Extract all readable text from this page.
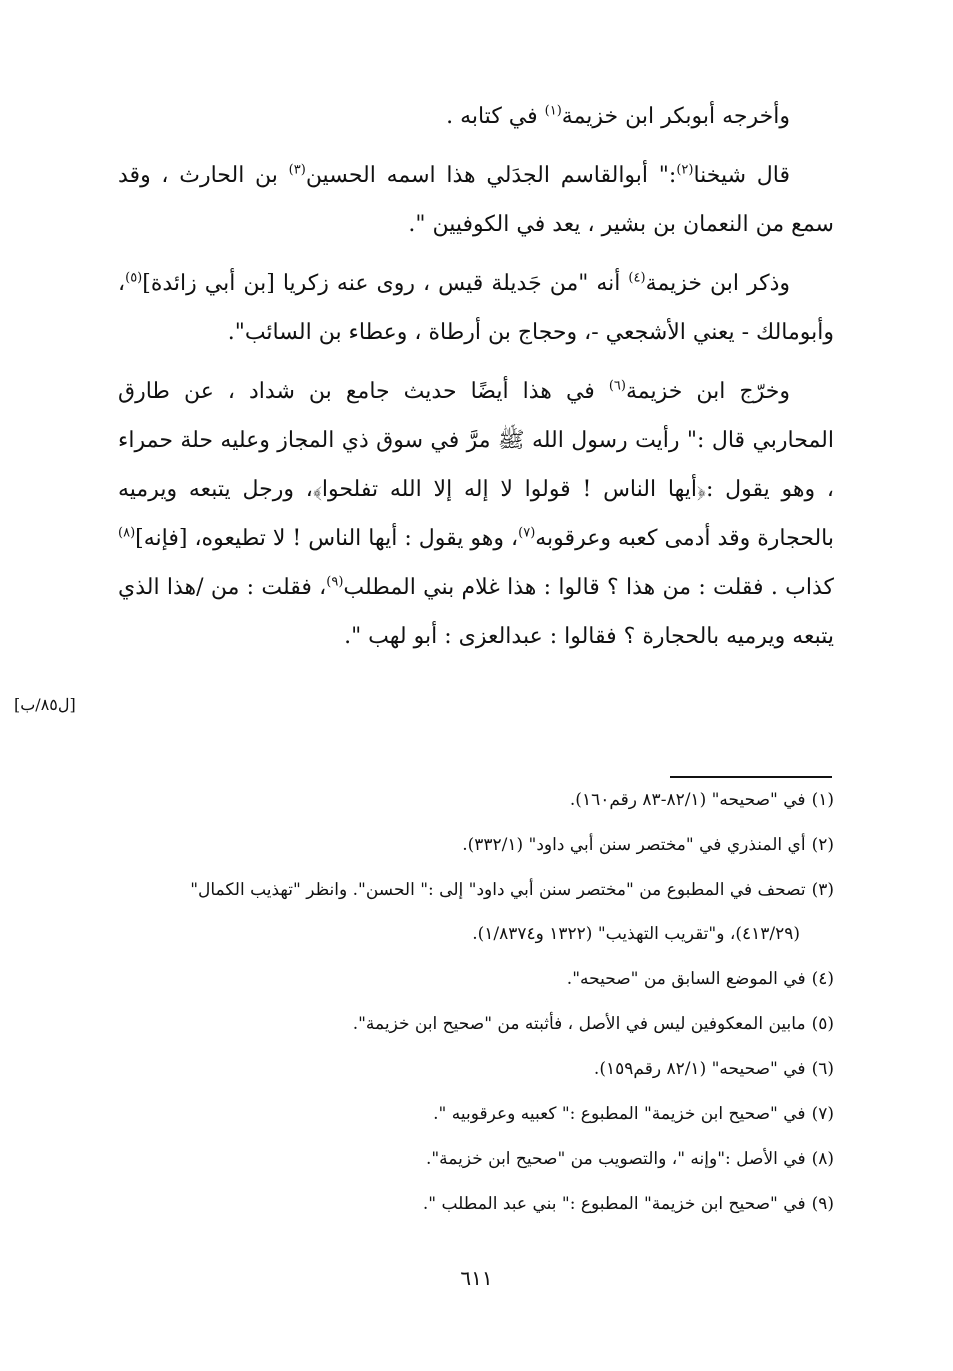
وأخرجه أبوبكر ابن خزيمة$^{(١)}$ في كتابه .

قال شيخنا$^{(٢)}$:" أبوالقاسم الجدَلي هذا اسمه الحسين$^{(٣)}$ بن الحارث ، وقد سمع من النعمان بن بشير ، يعد في الكوفيين ".

وذكر ابن خزيمة$^{(٤)}$ أنه "من جَديلة قيس ، روى عنه زكريا [بن أبي زائدة]$^{(٥)}$، وأبومالك - يعني الأشجعي -، وحجاج بن أرطاة ، وعطاء بن السائب".

وخرّج ابن خزيمة$^{(٦)}$ في هذا أيضًا حديث جامع بن شداد ، عن طارق المحاربي قال :" رأيت رسول الله ﷺ مرَّ في سوق ذي المجاز وعليه حلة حمراء ، وهو يقول :﴿أيها الناس ! قولوا لا إله إلا الله تفلحوا﴾، ورجل يتبعه ويرميه بالحجارة وقد أدمى كعبه وعرقوبه$^{(٧)}$، وهو يقول : أيها الناس ! لا تطيعوه، [فإنه]$^{(٨)}$ كذاب . فقلت : من هذا ؟ قالوا : هذا غلام بني المطلب$^{(٩)}$، فقلت : من /هذا الذي يتبعه ويرميه بالحجارة ؟ فقالوا : عبدالعزى : أبو لهب ".

[ل٨٥/ب]
(١)في "صحيحه" (٨٢/١-٨٣ رقم١٦٠).
(٢)أي المنذري في "مختصر سنن أبي داود" (٣٣٢/١).
(٣)تصحف في المطبوع من "مختصر سنن أبي داود" إلى :" الحسن". وانظر "تهذيب الكمال"
(٤١٣/٢٩)، و"تقريب التهذيب" (١٣٢٢ و١/٨٣٧٤).
(٤)في الموضع السابق من "صحيحه".
(٥)مابين المعكوفين ليس في الأصل ، فأثبته من "صحيح ابن خزيمة".
(٦)في "صحيحه" (٨٢/١ رقم١٥٩).
(٧)في "صحيح ابن خزيمة" المطبوع :" كعبيه وعرقوبيه ".
(٨)في الأصل :"وإنه "، والتصويب من "صحيح ابن خزيمة".
(٩)في "صحيح ابن خزيمة" المطبوع :" بني عبد المطلب ".
٦١١
